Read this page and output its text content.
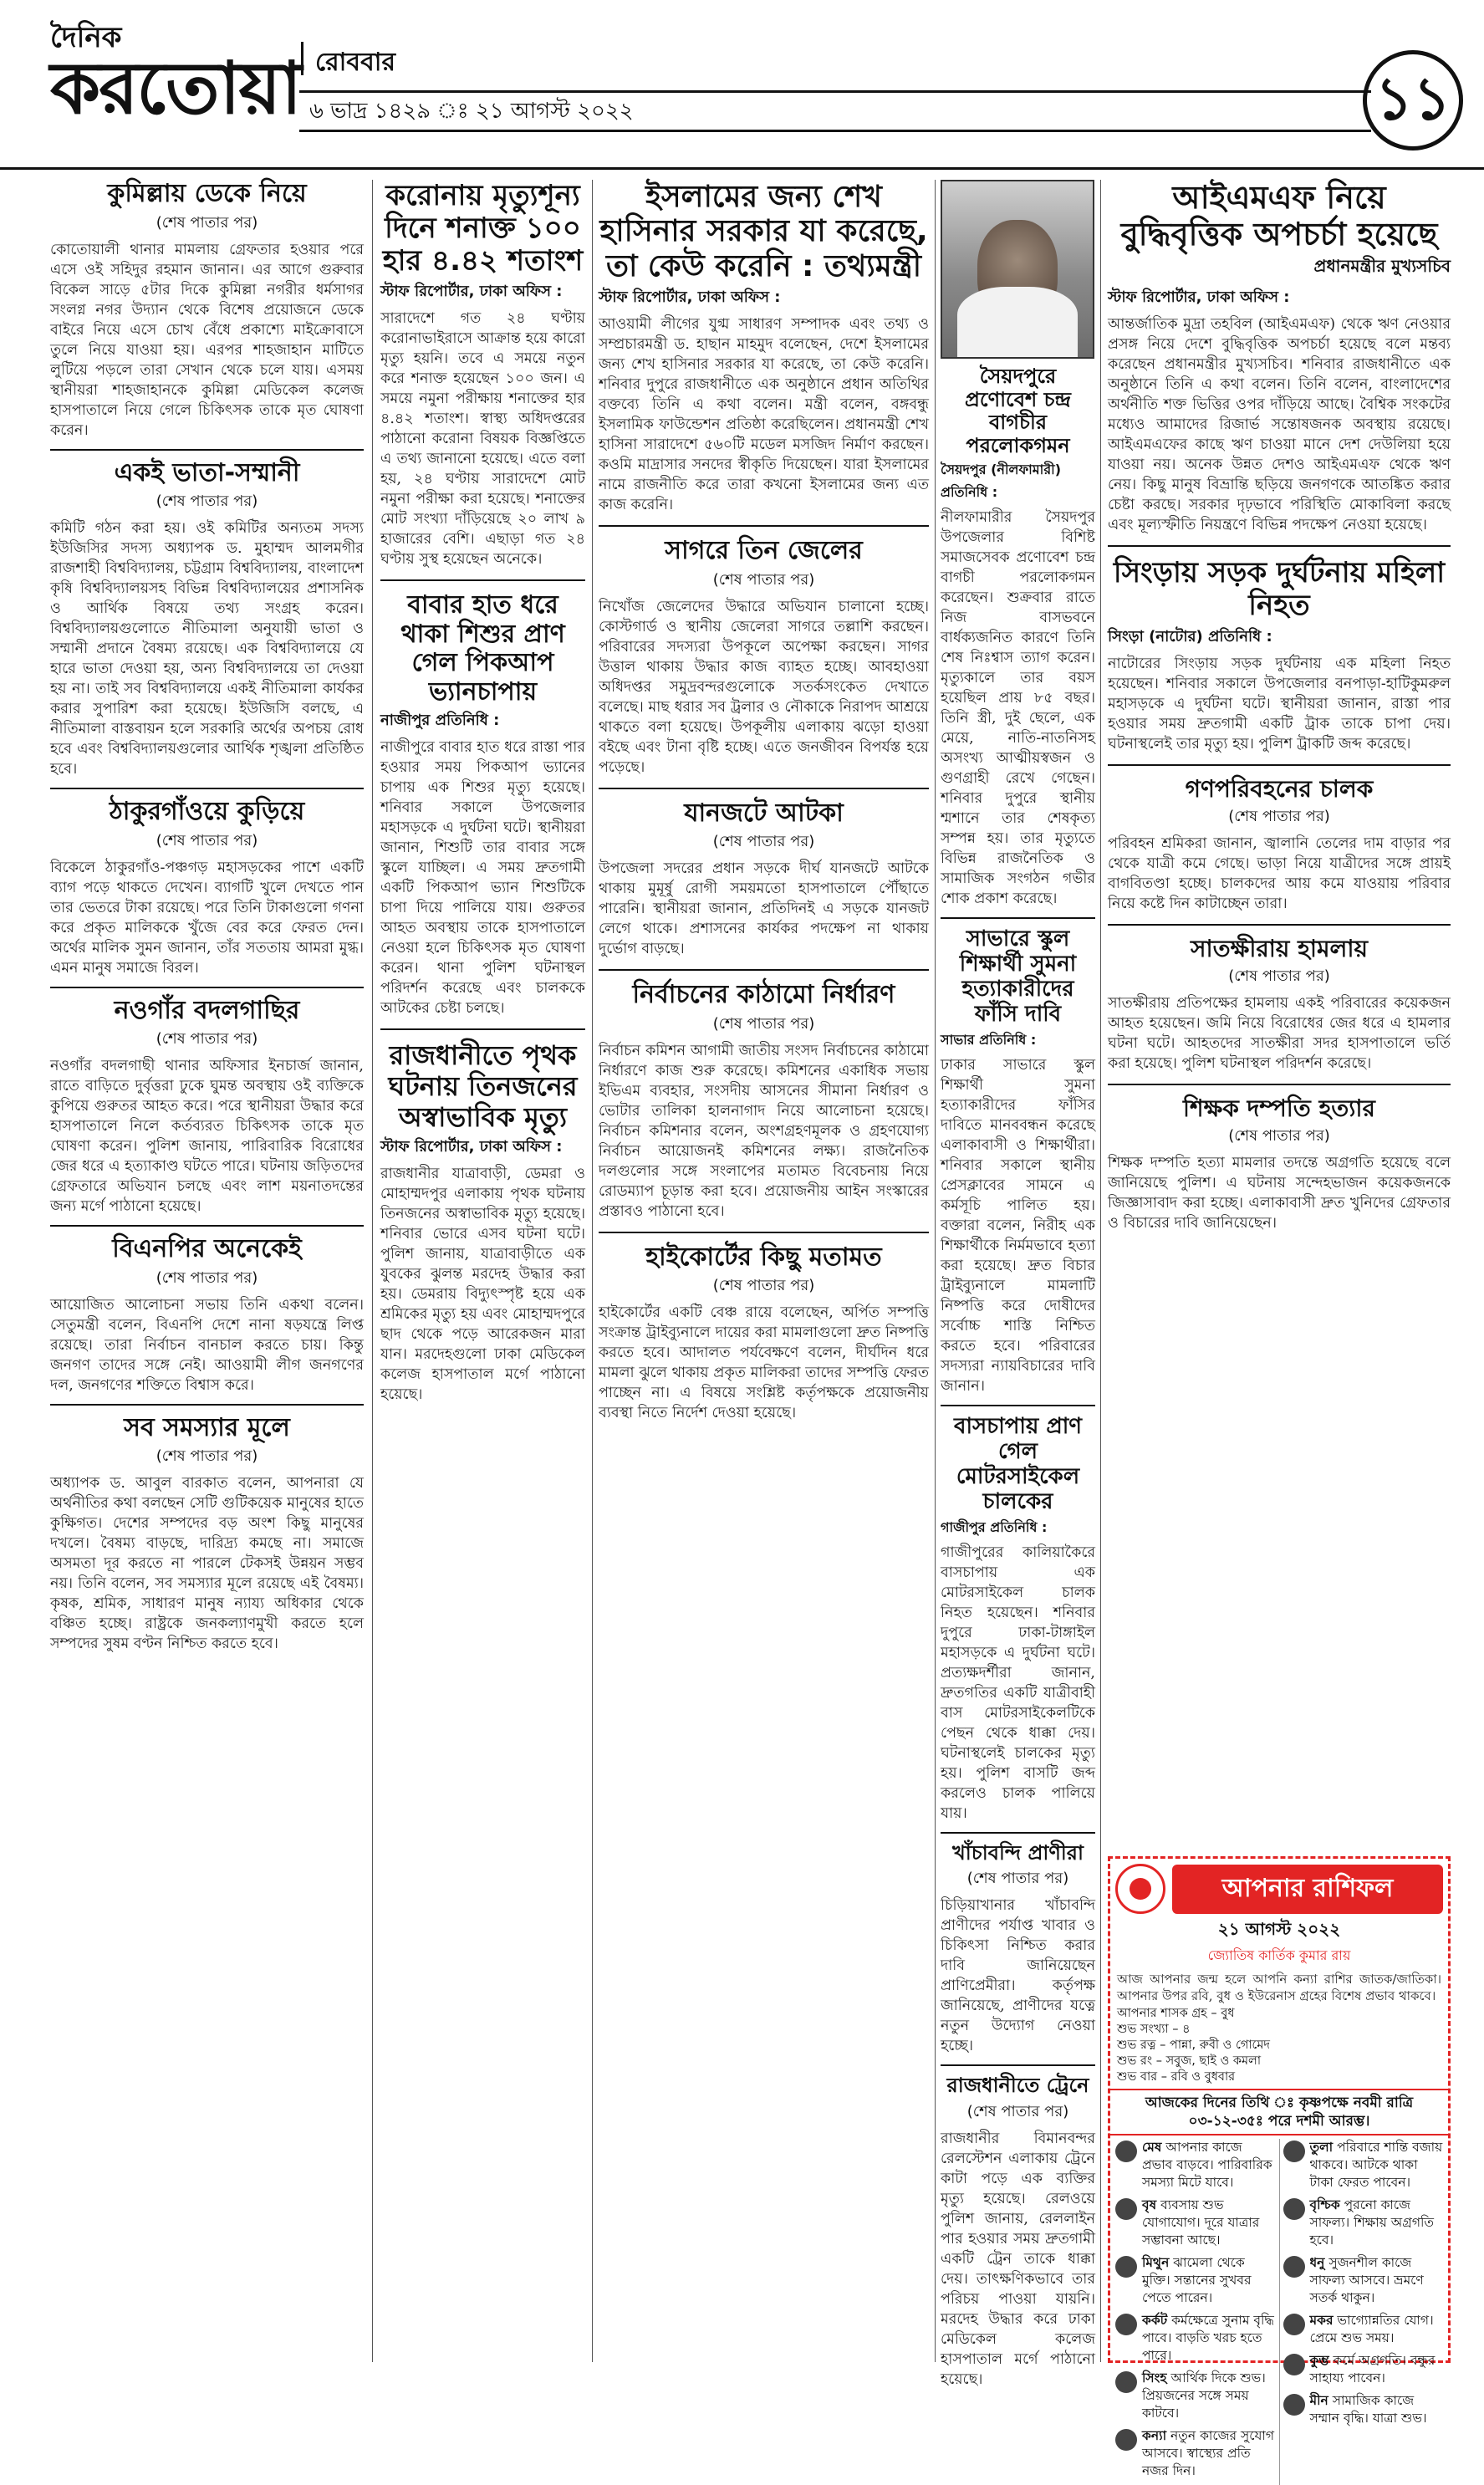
দৈনিক
করতোয়া রোববার
৬ ভাদ্র ১৪২৯ ঃ ২১ আগস্ট ২০২২	১১
কুমিল্লায় ডেকে নিয়ে
(শেষ পাতার পর)

কোতোয়ালী থানার মামলায় গ্রেফতার হওয়ার পরে এসে ওই সহিদুর রহমান জানান। এর আগে গুরুবার বিকেল সাড়ে ৫টার দিকে কুমিল্লা নগরীর ধর্মসাগর সংলগ্ন নগর উদ্যান থেকে বিশেষ প্রয়োজনে ডেকে বাইরে নিয়ে এসে চোখ বেঁধে প্রকাশ্যে মাইক্রোবাসে তুলে নিয়ে যাওয়া হয়। এরপর শাহজাহান মাটিতে লুটিয়ে পড়লে তারা সেখান থেকে চলে যায়। এসময় স্থানীয়রা শাহজাহানকে কুমিল্লা মেডিকেল কলেজ হাসপাতালে নিয়ে গেলে চিকিৎসক তাকে মৃত ঘোষণা করেন।

একই ভাতা-সম্মানী
(শেষ পাতার পর)

কমিটি গঠন করা হয়। ওই কমিটির অন্যতম সদস্য ইউজিসির সদস্য অধ্যাপক ড. মুহাম্মদ আলমগীর রাজশাহী বিশ্ববিদ্যালয়, চট্টগ্রাম বিশ্ববিদ্যালয়, বাংলাদেশ কৃষি বিশ্ববিদ্যালয়সহ বিভিন্ন বিশ্ববিদ্যালয়ের প্রশাসনিক ও আর্থিক বিষয়ে তথ্য সংগ্রহ করেন। বিশ্ববিদ্যালয়গুলোতে নীতিমালা অনুযায়ী ভাতা ও সম্মানী প্রদানে বৈষম্য রয়েছে। এক বিশ্ববিদ্যালয়ে যে হারে ভাতা দেওয়া হয়, অন্য বিশ্ববিদ্যালয়ে তা দেওয়া হয় না। তাই সব বিশ্ববিদ্যালয়ে একই নীতিমালা কার্যকর করার সুপারিশ করা হয়েছে। ইউজিসি বলছে, এ নীতিমালা বাস্তবায়ন হলে সরকারি অর্থের অপচয় রোধ হবে এবং বিশ্ববিদ্যালয়গুলোর আর্থিক শৃঙ্খলা প্রতিষ্ঠিত হবে।

ঠাকুরগাঁওয়ে কুড়িয়ে
(শেষ পাতার পর)

বিকেলে ঠাকুরগাঁও-পঞ্চগড় মহাসড়কের পাশে একটি ব্যাগ পড়ে থাকতে দেখেন। ব্যাগটি খুলে দেখতে পান তার ভেতরে টাকা রয়েছে। পরে তিনি টাকাগুলো গণনা করে প্রকৃত মালিককে খুঁজে বের করে ফেরত দেন। অর্থের মালিক সুমন জানান, তাঁর সততায় আমরা মুগ্ধ। এমন মানুষ সমাজে বিরল।

নওগাঁর বদলগাছির
(শেষ পাতার পর)

নওগাঁর বদলগাছী থানার অফিসার ইনচার্জ জানান, রাতে বাড়িতে দুর্বৃত্তরা ঢুকে ঘুমন্ত অবস্থায় ওই ব্যক্তিকে কুপিয়ে গুরুতর আহত করে। পরে স্থানীয়রা উদ্ধার করে হাসপাতালে নিলে কর্তব্যরত চিকিৎসক তাকে মৃত ঘোষণা করেন। পুলিশ জানায়, পারিবারিক বিরোধের জের ধরে এ হত্যাকাণ্ড ঘটতে পারে। ঘটনায় জড়িতদের গ্রেফতারে অভিযান চলছে এবং লাশ ময়নাতদন্তের জন্য মর্গে পাঠানো হয়েছে।

বিএনপির অনেকেই
(শেষ পাতার পর)

আয়োজিত আলোচনা সভায় তিনি একথা বলেন। সেতুমন্ত্রী বলেন, বিএনপি দেশে নানা ষড়যন্ত্রে লিপ্ত রয়েছে। তারা নির্বাচন বানচাল করতে চায়। কিন্তু জনগণ তাদের সঙ্গে নেই। আওয়ামী লীগ জনগণের দল, জনগণের শক্তিতে বিশ্বাস করে।

সব সমস্যার মূলে
(শেষ পাতার পর)

অধ্যাপক ড. আবুল বারকাত বলেন, আপনারা যে অর্থনীতির কথা বলছেন সেটি গুটিকয়েক মানুষের হাতে কুক্ষিগত। দেশের সম্পদের বড় অংশ কিছু মানুষের দখলে। বৈষম্য বাড়ছে, দারিদ্র্য কমছে না। সমাজে অসমতা দূর করতে না পারলে টেকসই উন্নয়ন সম্ভব নয়। তিনি বলেন, সব সমস্যার মূলে রয়েছে এই বৈষম্য। কৃষক, শ্রমিক, সাধারণ মানুষ ন্যায্য অধিকার থেকে বঞ্চিত হচ্ছে। রাষ্ট্রকে জনকল্যাণমুখী করতে হলে সম্পদের সুষম বণ্টন নিশ্চিত করতে হবে।

করোনায় মৃত্যুশূন্য দিনে শনাক্ত ১০০ হার ৪.৪২ শতাংশ
স্টাফ রিপোর্টার, ঢাকা অফিস :

সারাদেশে গত ২৪ ঘণ্টায় করোনাভাইরাসে আক্রান্ত হয়ে কারো মৃত্যু হয়নি। তবে এ সময়ে নতুন করে শনাক্ত হয়েছেন ১০০ জন। এ সময়ে নমুনা পরীক্ষায় শনাক্তের হার ৪.৪২ শতাংশ। স্বাস্থ্য অধিদপ্তরের পাঠানো করোনা বিষয়ক বিজ্ঞপ্তিতে এ তথ্য জানানো হয়েছে। এতে বলা হয়, ২৪ ঘণ্টায় সারাদেশে মোট নমুনা পরীক্ষা করা হয়েছে। শনাক্তের মোট সংখ্যা দাঁড়িয়েছে ২০ লাখ ৯ হাজারের বেশি। এছাড়া গত ২৪ ঘণ্টায় সুস্থ হয়েছেন অনেকে।

বাবার হাত ধরে থাকা শিশুর প্রাণ গেল পিকআপ ভ্যানচাপায়
নাজীপুর প্রতিনিধি :

নাজীপুরে বাবার হাত ধরে রাস্তা পার হওয়ার সময় পিকআপ ভ্যানের চাপায় এক শিশুর মৃত্যু হয়েছে। শনিবার সকালে উপজেলার মহাসড়কে এ দুর্ঘটনা ঘটে। স্থানীয়রা জানান, শিশুটি তার বাবার সঙ্গে স্কুলে যাচ্ছিল। এ সময় দ্রুতগামী একটি পিকআপ ভ্যান শিশুটিকে চাপা দিয়ে পালিয়ে যায়। গুরুতর আহত অবস্থায় তাকে হাসপাতালে নেওয়া হলে চিকিৎসক মৃত ঘোষণা করেন। থানা পুলিশ ঘটনাস্থল পরিদর্শন করেছে এবং চালককে আটকের চেষ্টা চলছে।

রাজধানীতে পৃথক ঘটনায় তিনজনের অস্বাভাবিক মৃত্যু
স্টাফ রিপোর্টার, ঢাকা অফিস :

রাজধানীর যাত্রাবাড়ী, ডেমরা ও মোহাম্মদপুর এলাকায় পৃথক ঘটনায় তিনজনের অস্বাভাবিক মৃত্যু হয়েছে। শনিবার ভোরে এসব ঘটনা ঘটে। পুলিশ জানায়, যাত্রাবাড়ীতে এক যুবকের ঝুলন্ত মরদেহ উদ্ধার করা হয়। ডেমরায় বিদ্যুৎস্পৃষ্ট হয়ে এক শ্রমিকের মৃত্যু হয় এবং মোহাম্মদপুরে ছাদ থেকে পড়ে আরেকজন মারা যান। মরদেহগুলো ঢাকা মেডিকেল কলেজ হাসপাতাল মর্গে পাঠানো হয়েছে।

ইসলামের জন্য শেখ হাসিনার সরকার যা করেছে, তা কেউ করেনি : তথ্যমন্ত্রী
স্টাফ রিপোর্টার, ঢাকা অফিস :

আওয়ামী লীগের যুগ্ম সাধারণ সম্পাদক এবং তথ্য ও সম্প্রচারমন্ত্রী ড. হাছান মাহমুদ বলেছেন, দেশে ইসলামের জন্য শেখ হাসিনার সরকার যা করেছে, তা কেউ করেনি। শনিবার দুপুরে রাজধানীতে এক অনুষ্ঠানে প্রধান অতিথির বক্তব্যে তিনি এ কথা বলেন। মন্ত্রী বলেন, বঙ্গবন্ধু ইসলামিক ফাউন্ডেশন প্রতিষ্ঠা করেছিলেন। প্রধানমন্ত্রী শেখ হাসিনা সারাদেশে ৫৬০টি মডেল মসজিদ নির্মাণ করছেন। কওমি মাদ্রাসার সনদের স্বীকৃতি দিয়েছেন। যারা ইসলামের নামে রাজনীতি করে তারা কখনো ইসলামের জন্য এত কাজ করেনি।

সাগরে তিন জেলের
(শেষ পাতার পর)

নিখোঁজ জেলেদের উদ্ধারে অভিযান চালানো হচ্ছে। কোস্টগার্ড ও স্থানীয় জেলেরা সাগরে তল্লাশি করছেন। পরিবারের সদস্যরা উপকূলে অপেক্ষা করছেন। সাগর উত্তাল থাকায় উদ্ধার কাজ ব্যাহত হচ্ছে। আবহাওয়া অধিদপ্তর সমুদ্রবন্দরগুলোকে সতর্কসংকেত দেখাতে বলেছে। মাছ ধরার সব ট্রলার ও নৌকাকে নিরাপদ আশ্রয়ে থাকতে বলা হয়েছে। উপকূলীয় এলাকায় ঝড়ো হাওয়া বইছে এবং টানা বৃষ্টি হচ্ছে। এতে জনজীবন বিপর্যস্ত হয়ে পড়েছে।

যানজটে আটকা
(শেষ পাতার পর)

উপজেলা সদরের প্রধান সড়কে দীর্ঘ যানজটে আটকে থাকায় মুমূর্ষু রোগী সময়মতো হাসপাতালে পৌঁছাতে পারেনি। স্থানীয়রা জানান, প্রতিদিনই এ সড়কে যানজট লেগে থাকে। প্রশাসনের কার্যকর পদক্ষেপ না থাকায় দুর্ভোগ বাড়ছে।

নির্বাচনের কাঠামো নির্ধারণ
(শেষ পাতার পর)

নির্বাচন কমিশন আগামী জাতীয় সংসদ নির্বাচনের কাঠামো নির্ধারণে কাজ শুরু করেছে। কমিশনের একাধিক সভায় ইভিএম ব্যবহার, সংসদীয় আসনের সীমানা নির্ধারণ ও ভোটার তালিকা হালনাগাদ নিয়ে আলোচনা হয়েছে। নির্বাচন কমিশনার বলেন, অংশগ্রহণমূলক ও গ্রহণযোগ্য নির্বাচন আয়োজনই কমিশনের লক্ষ্য। রাজনৈতিক দলগুলোর সঙ্গে সংলাপের মতামত বিবেচনায় নিয়ে রোডম্যাপ চূড়ান্ত করা হবে। প্রয়োজনীয় আইন সংস্কারের প্রস্তাবও পাঠানো হবে।

হাইকোর্টের কিছু মতামত
(শেষ পাতার পর)

হাইকোর্টের একটি বেঞ্চ রায়ে বলেছেন, অর্পিত সম্পত্তি সংক্রান্ত ট্রাইব্যুনালে দায়ের করা মামলাগুলো দ্রুত নিষ্পত্তি করতে হবে। আদালত পর্যবেক্ষণে বলেন, দীর্ঘদিন ধরে মামলা ঝুলে থাকায় প্রকৃত মালিকরা তাদের সম্পত্তি ফেরত পাচ্ছেন না। এ বিষয়ে সংশ্লিষ্ট কর্তৃপক্ষকে প্রয়োজনীয় ব্যবস্থা নিতে নির্দেশ দেওয়া হয়েছে।

সৈয়দপুরে প্রণোবেশ চন্দ্র বাগচীর পরলোকগমন
সৈয়দপুর (নীলফামারী) প্রতিনিধি :

নীলফামারীর সৈয়দপুর উপজেলার বিশিষ্ট সমাজসেবক প্রণোবেশ চন্দ্র বাগচী পরলোকগমন করেছেন। শুক্রবার রাতে নিজ বাসভবনে বার্ধক্যজনিত কারণে তিনি শেষ নিঃশ্বাস ত্যাগ করেন। মৃত্যুকালে তার বয়স হয়েছিল প্রায় ৮৫ বছর। তিনি স্ত্রী, দুই ছেলে, এক মেয়ে, নাতি-নাতনিসহ অসংখ্য আত্মীয়স্বজন ও গুণগ্রাহী রেখে গেছেন। শনিবার দুপুরে স্থানীয় শ্মশানে তার শেষকৃত্য সম্পন্ন হয়। তার মৃত্যুতে বিভিন্ন রাজনৈতিক ও সামাজিক সংগঠন গভীর শোক প্রকাশ করেছে।

সাভারে স্কুল শিক্ষার্থী সুমনা হত্যাকারীদের ফাঁসি দাবি
সাভার প্রতিনিধি :

ঢাকার সাভারে স্কুল শিক্ষার্থী সুমনা হত্যাকারীদের ফাঁসির দাবিতে মানববন্ধন করেছে এলাকাবাসী ও শিক্ষার্থীরা। শনিবার সকালে স্থানীয় প্রেসক্লাবের সামনে এ কর্মসূচি পালিত হয়। বক্তারা বলেন, নিরীহ এক শিক্ষার্থীকে নির্মমভাবে হত্যা করা হয়েছে। দ্রুত বিচার ট্রাইব্যুনালে মামলাটি নিষ্পত্তি করে দোষীদের সর্বোচ্চ শাস্তি নিশ্চিত করতে হবে। পরিবারের সদস্যরা ন্যায়বিচারের দাবি জানান।

বাসচাপায় প্রাণ গেল মোটরসাইকেল চালকের
গাজীপুর প্রতিনিধি :

গাজীপুরের কালিয়াকৈরে বাসচাপায় এক মোটরসাইকেল চালক নিহত হয়েছেন। শনিবার দুপুরে ঢাকা-টাঙ্গাইল মহাসড়কে এ দুর্ঘটনা ঘটে। প্রত্যক্ষদর্শীরা জানান, দ্রুতগতির একটি যাত্রীবাহী বাস মোটরসাইকেলটিকে পেছন থেকে ধাক্কা দেয়। ঘটনাস্থলেই চালকের মৃত্যু হয়। পুলিশ বাসটি জব্দ করলেও চালক পালিয়ে যায়।

খাঁচাবন্দি প্রাণীরা
(শেষ পাতার পর)

চিড়িয়াখানার খাঁচাবন্দি প্রাণীদের পর্যাপ্ত খাবার ও চিকিৎসা নিশ্চিত করার দাবি জানিয়েছেন প্রাণিপ্রেমীরা। কর্তৃপক্ষ জানিয়েছে, প্রাণীদের যত্নে নতুন উদ্যোগ নেওয়া হচ্ছে।

রাজধানীতে ট্রেনে
(শেষ পাতার পর)

রাজধানীর বিমানবন্দর রেলস্টেশন এলাকায় ট্রেনে কাটা পড়ে এক ব্যক্তির মৃত্যু হয়েছে। রেলওয়ে পুলিশ জানায়, রেললাইন পার হওয়ার সময় দ্রুতগামী একটি ট্রেন তাকে ধাক্কা দেয়। তাৎক্ষণিকভাবে তার পরিচয় পাওয়া যায়নি। মরদেহ উদ্ধার করে ঢাকা মেডিকেল কলেজ হাসপাতাল মর্গে পাঠানো হয়েছে।

আইএমএফ নিয়ে বুদ্ধিবৃত্তিক অপচর্চা হয়েছে
প্রধানমন্ত্রীর মুখ্যসচিব
স্টাফ রিপোর্টার, ঢাকা অফিস :

আন্তর্জাতিক মুদ্রা তহবিল (আইএমএফ) থেকে ঋণ নেওয়ার প্রসঙ্গ নিয়ে দেশে বুদ্ধিবৃত্তিক অপচর্চা হয়েছে বলে মন্তব্য করেছেন প্রধানমন্ত্রীর মুখ্যসচিব। শনিবার রাজধানীতে এক অনুষ্ঠানে তিনি এ কথা বলেন। তিনি বলেন, বাংলাদেশের অর্থনীতি শক্ত ভিত্তির ওপর দাঁড়িয়ে আছে। বৈশ্বিক সংকটের মধ্যেও আমাদের রিজার্ভ সন্তোষজনক অবস্থায় রয়েছে। আইএমএফের কাছে ঋণ চাওয়া মানে দেশ দেউলিয়া হয়ে যাওয়া নয়। অনেক উন্নত দেশও আইএমএফ থেকে ঋণ নেয়। কিছু মানুষ বিভ্রান্তি ছড়িয়ে জনগণকে আতঙ্কিত করার চেষ্টা করছে। সরকার দৃঢ়ভাবে পরিস্থিতি মোকাবিলা করছে এবং মূল্যস্ফীতি নিয়ন্ত্রণে বিভিন্ন পদক্ষেপ নেওয়া হয়েছে।

সিংড়ায় সড়ক দুর্ঘটনায় মহিলা নিহত
সিংড়া (নাটোর) প্রতিনিধি :

নাটোরের সিংড়ায় সড়ক দুর্ঘটনায় এক মহিলা নিহত হয়েছেন। শনিবার সকালে উপজেলার বনপাড়া-হাটিকুমরুল মহাসড়কে এ দুর্ঘটনা ঘটে। স্থানীয়রা জানান, রাস্তা পার হওয়ার সময় দ্রুতগামী একটি ট্রাক তাকে চাপা দেয়। ঘটনাস্থলেই তার মৃত্যু হয়। পুলিশ ট্রাকটি জব্দ করেছে।

গণপরিবহনের চালক
(শেষ পাতার পর)

পরিবহন শ্রমিকরা জানান, জ্বালানি তেলের দাম বাড়ার পর থেকে যাত্রী কমে গেছে। ভাড়া নিয়ে যাত্রীদের সঙ্গে প্রায়ই বাগবিতণ্ডা হচ্ছে। চালকদের আয় কমে যাওয়ায় পরিবার নিয়ে কষ্টে দিন কাটাচ্ছেন তারা।

সাতক্ষীরায় হামলায়
(শেষ পাতার পর)

সাতক্ষীরায় প্রতিপক্ষের হামলায় একই পরিবারের কয়েকজন আহত হয়েছেন। জমি নিয়ে বিরোধের জের ধরে এ হামলার ঘটনা ঘটে। আহতদের সাতক্ষীরা সদর হাসপাতালে ভর্তি করা হয়েছে। পুলিশ ঘটনাস্থল পরিদর্শন করেছে।

শিক্ষক দম্পতি হত্যার
(শেষ পাতার পর)

শিক্ষক দম্পতি হত্যা মামলার তদন্তে অগ্রগতি হয়েছে বলে জানিয়েছে পুলিশ। এ ঘটনায় সন্দেহভাজন কয়েকজনকে জিজ্ঞাসাবাদ করা হচ্ছে। এলাকাবাসী দ্রুত খুনিদের গ্রেফতার ও বিচারের দাবি জানিয়েছেন।

আপনার রাশিফল
২১ আগস্ট ২০২২
জ্যোতিষ কার্তিক কুমার রায়

আজ আপনার জন্ম হলে আপনি কন্যা রাশির জাতক/জাতিকা। আপনার উপর রবি, বুধ ও ইউরেনাস গ্রহের বিশেষ প্রভাব থাকবে।

আপনার শাসক গ্রহ – বুধ
শুভ সংখ্যা – ৪
শুভ রত্ন – পান্না, রুবী ও গোমেদ
শুভ রং – সবুজ, ছাই ও কমলা
শুভ বার – রবি ও বুধবার
আজকের দিনের তিথি ঃ কৃষ্ণপক্ষে নবমী রাত্রি ০৩-১২-৩৫ঃ পরে দশমী আরম্ভ।
মেষ আপনার কাজে প্রভাব বাড়বে। পারিবারিক সমস্যা মিটে যাবে।
বৃষ ব্যবসায় শুভ যোগাযোগ। দূরে যাত্রার সম্ভাবনা আছে।
মিথুন ঝামেলা থেকে মুক্তি। সন্তানের সুখবর পেতে পারেন।
কর্কট কর্মক্ষেত্রে সুনাম বৃদ্ধি পাবে। বাড়তি খরচ হতে পারে।
সিংহ আর্থিক দিকে শুভ। প্রিয়জনের সঙ্গে সময় কাটবে।
কন্যা নতুন কাজের সুযোগ আসবে। স্বাস্থ্যের প্রতি নজর দিন।
তুলা পরিবারে শান্তি বজায় থাকবে। আটকে থাকা টাকা ফেরত পাবেন।
বৃশ্চিক পুরনো কাজে সাফল্য। শিক্ষায় অগ্রগতি হবে।
ধনু সুজনশীল কাজে সাফল্য আসবে। ভ্রমণে সতর্ক থাকুন।
মকর ভাগ্যোন্নতির যোগ। প্রেমে শুভ সময়।
কুম্ভ কর্মে অগ্রগতি। বন্ধুর সাহায্য পাবেন।
মীন সামাজিক কাজে সম্মান বৃদ্ধি। যাত্রা শুভ।
